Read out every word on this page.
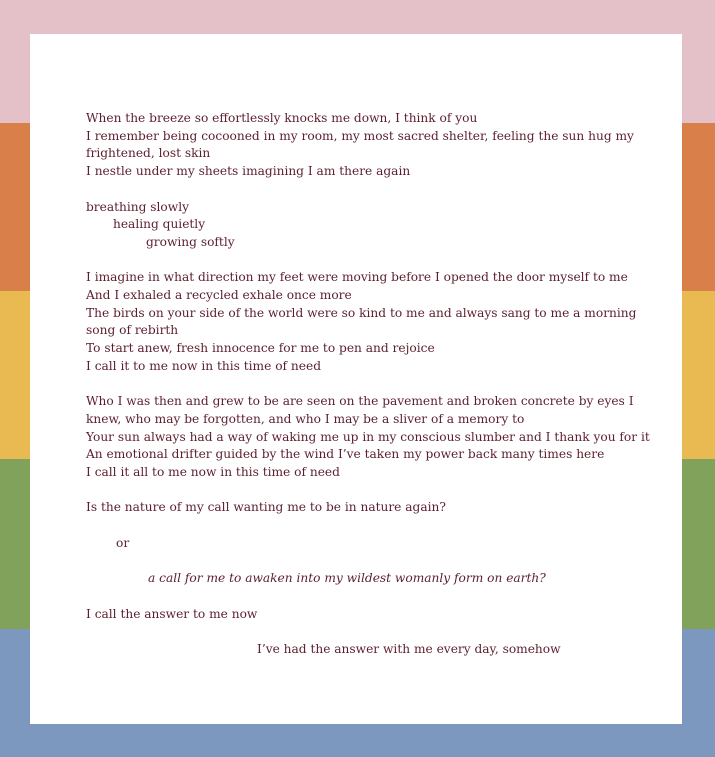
When the breeze so effortlessly knocks me down, I think of you
I remember being cocooned in my room, my most sacred shelter, feeling the sun hug my frightened, lost skin
I nestle under my sheets imagining I am there again
breathing slowly
healing quietly
growing softly
I imagine in what direction my feet were moving before I opened the door myself to me
And I exhaled a recycled exhale once more
The birds on your side of the world were so kind to me and always sang to me a morning song of rebirth
To start anew, fresh innocence for me to pen and rejoice
I call it to me now in this time of need
Who I was then and grew to be are seen on the pavement and broken concrete by eyes I knew, who may be forgotten, and who I may be a sliver of a memory to
Your sun always had a way of waking me up in my conscious slumber and I thank you for it
An emotional drifter guided by the wind I’ve taken my power back many times here
I call it all to me now in this time of need
Is the nature of my call wanting me to be in nature again?
or
a call for me to awaken into my wildest womanly form on earth?
I call the answer to me now
I’ve had the answer with me every day, somehow
